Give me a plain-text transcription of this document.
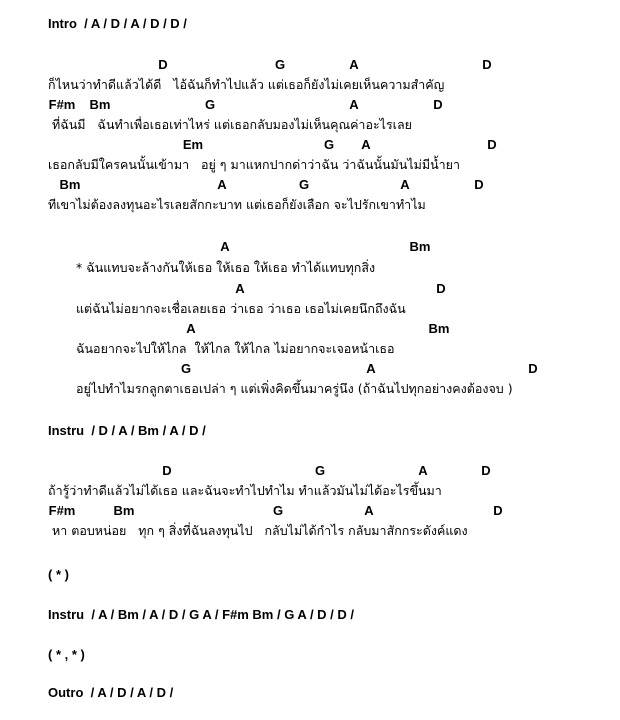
Intro  / A / D / A / D / D /
D	G	A	D
ก็ไหนว่าทำดีแล้วได้ดี   ไอ้ฉันก็ทำไปแล้ว แต่เธอก็ยังไม่เคยเห็นความสำคัญ
F#m Bm	G	A	D
ที่ฉันมี   ฉันทำเพื่อเธอเท่าไหร่ แต่เธอกลับมองไม่เห็นคุณค่าอะไรเลย
Em	G A	D
เธอกลับมีใครคนนั้นเข้ามา   อยู่ ๆ มาแหกปากด่าว่าฉัน ว่าฉันนั้นมันไม่มีน้ำยา
Bm	A	G	A	D
ทีเขาไม่ต้องลงทุนอะไรเลยสักกะบาท แต่เธอก็ยังเลือก จะไปรักเขาทำไม
A	Bm
* ฉันแทบจะล้างกันให้เธอ ให้เธอ ให้เธอ ทำได้แทบทุกสิ่ง
A	D
แต่ฉันไม่อยากจะเชื่อเลยเธอ ว่าเธอ ว่าเธอ เธอไม่เคยนึกถึงฉัน
A	Bm
ฉันอยากจะไปให้ไกล  ให้ไกล ให้ไกล ไม่อยากจะเจอหน้าเธอ
G	A	D
อยู่ไปทำไมรกลูกตาเธอเปล่า ๆ แต่เพิ่งคิดขึ้นมาครู่นึง (ถ้าฉันไปทุกอย่างคงต้องจบ )
Instru  / D / A / Bm / A / D /
D	G	A	D
ถ้ารู้ว่าทำดีแล้วไม่ได้เธอ และฉันจะทำไปทำไม ทำแล้วมันไม่ได้อะไรขึ้นมา
F#m	Bm	G	A	D
หา ตอบหน่อย   ทุก ๆ สิ่งที่ฉันลงทุนไป   กลับไม่ได้กำไร กลับมาสักกระดังค์แดง
( * )
Instru  / A / Bm / A / D / G A / F#m Bm / G A / D / D /
( * , * )
Outro  / A / D / A / D /
